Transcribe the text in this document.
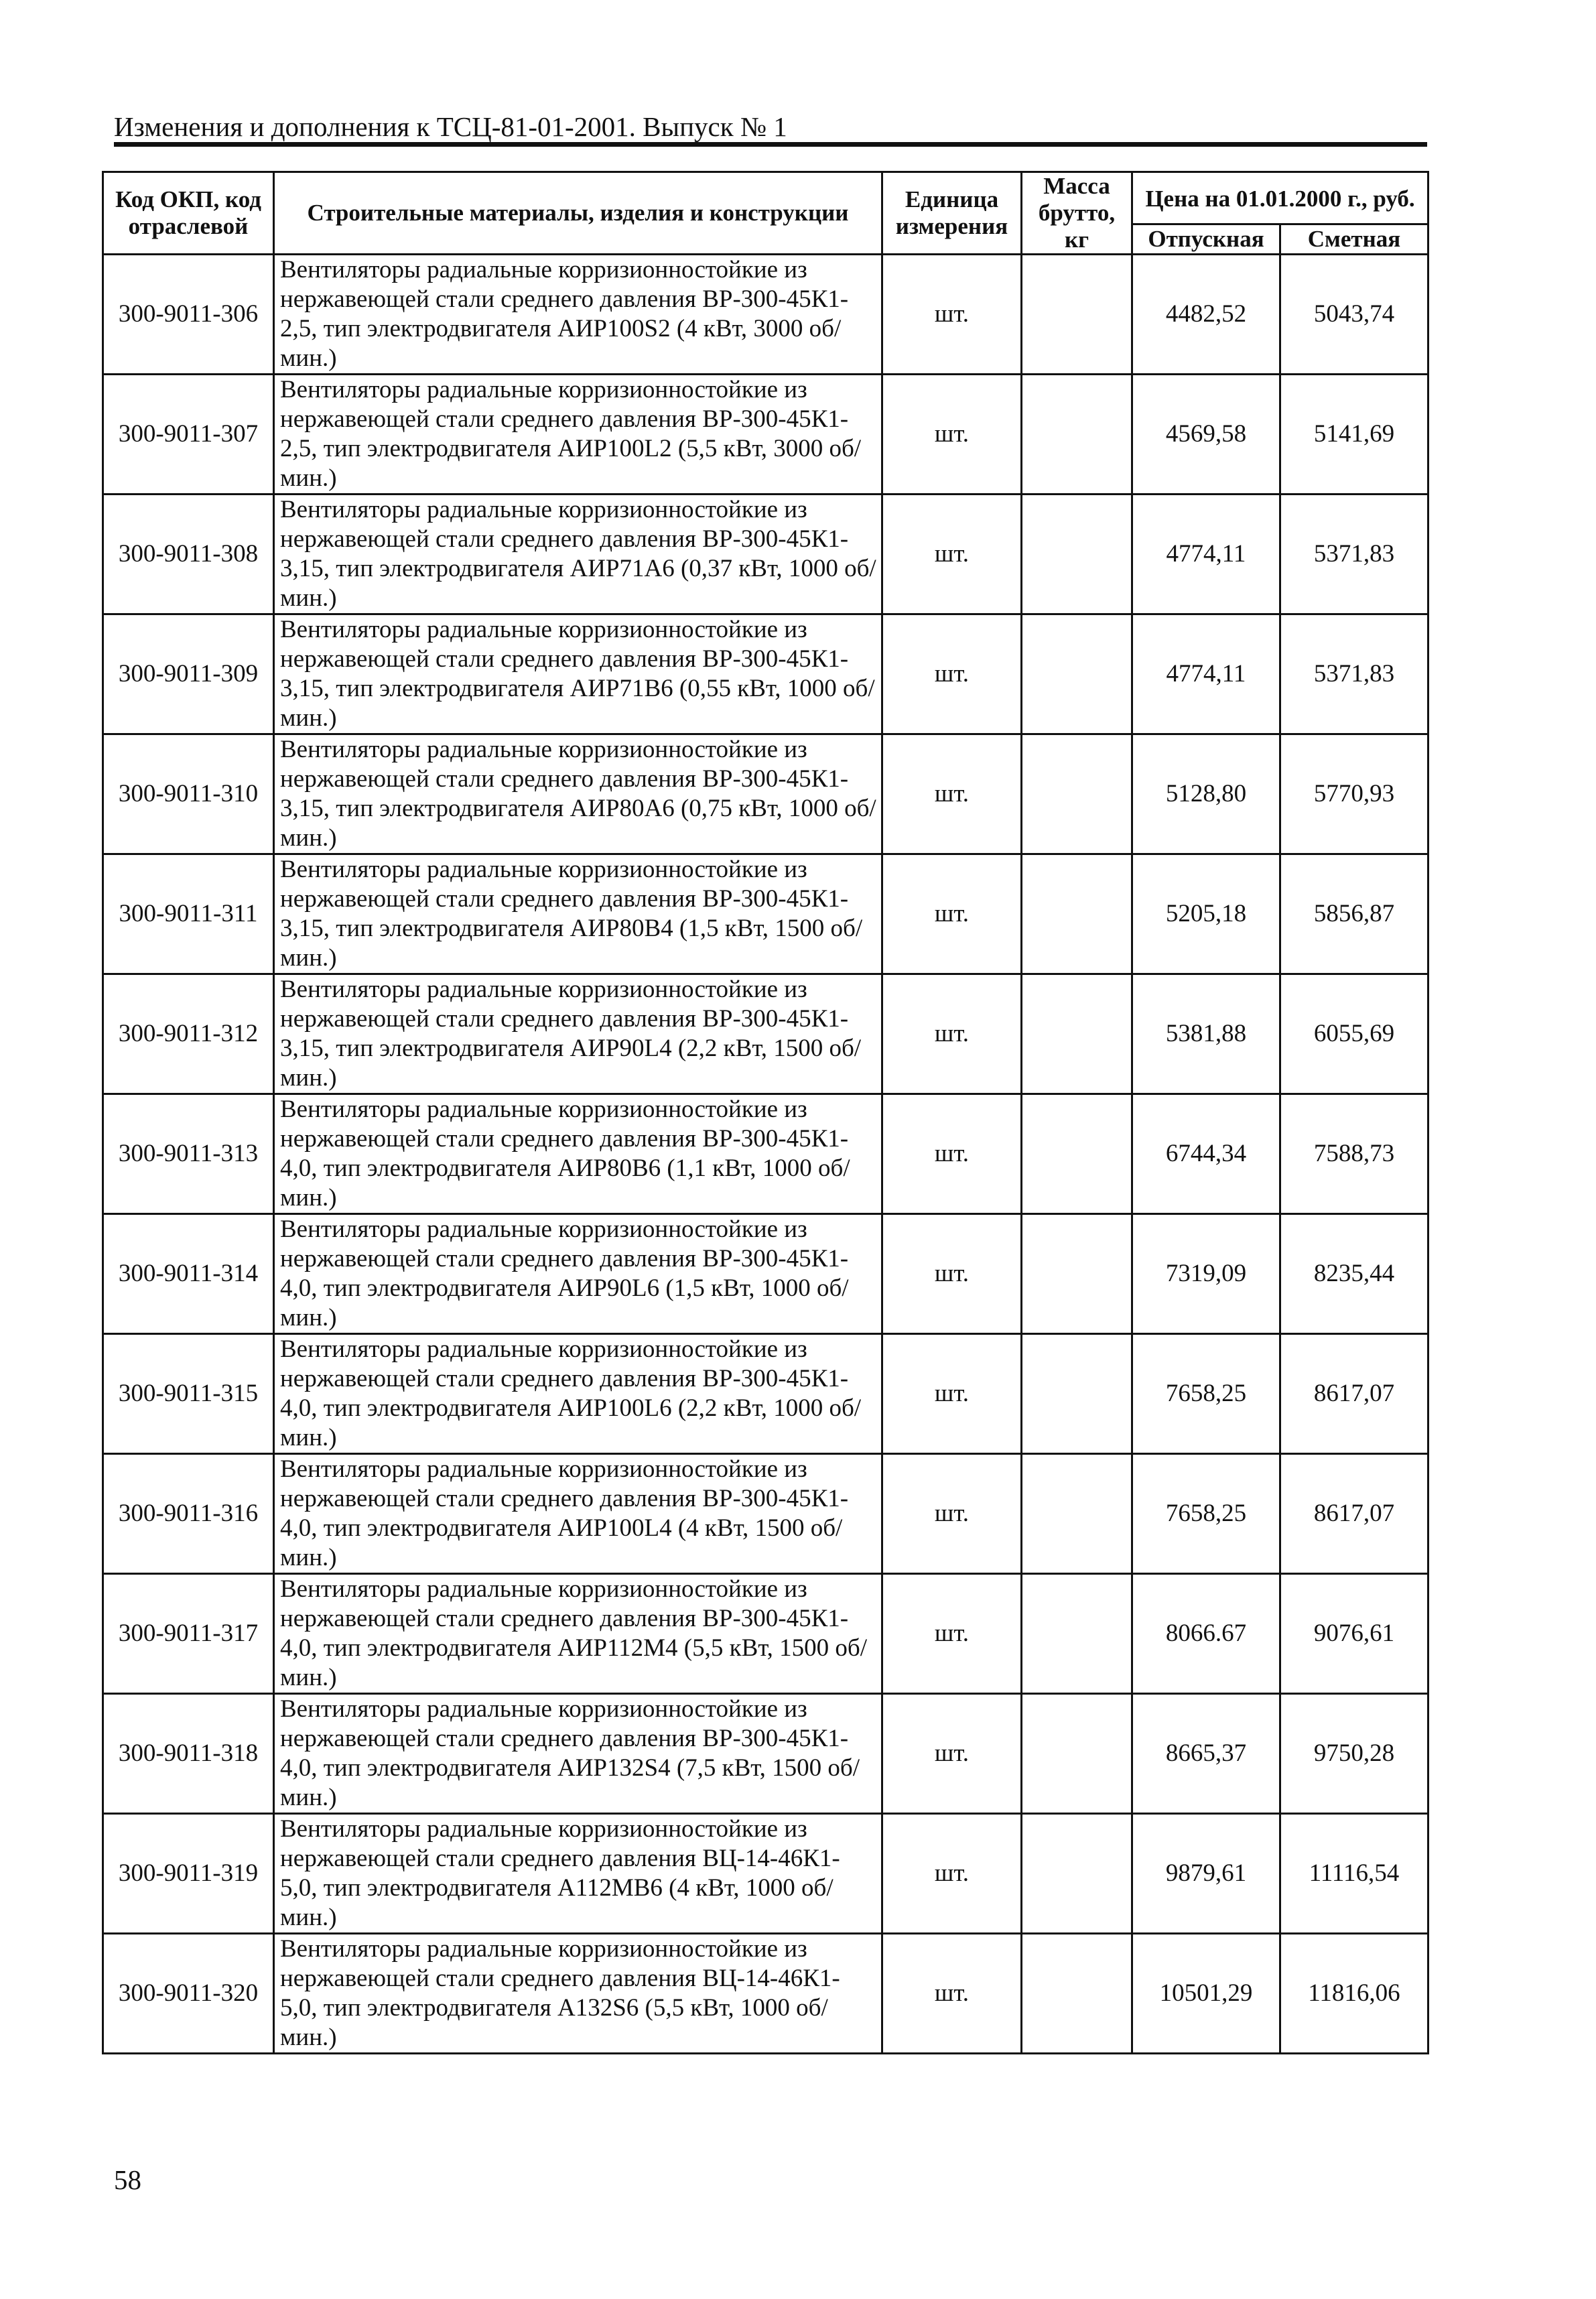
Изменения и дополнения к ТСЦ-81-01-2001. Выпуск № 1
Код ОКП, код отраслевой	Строительные материалы, изделия и конструкции	Единица измерения	Масса брутто, кг	Цена на 01.01.2000 г., руб.	
				Отпускная	Сметная
300-9011-306	Вентиляторы радиальные корризионностойкие из нержавеющей стали среднего давления ВР-300-45К1-2,5, тип электродвигателя АИР100S2 (4 кВт, 3000 об/мин.)	шт.		4482,52	5043,74
300-9011-307	Вентиляторы радиальные корризионностойкие из нержавеющей стали среднего давления ВР-300-45К1-2,5, тип электродвигателя АИР100L2 (5,5 кВт, 3000 об/мин.)	шт.		4569,58	5141,69
300-9011-308	Вентиляторы радиальные корризионностойкие из нержавеющей стали среднего давления ВР-300-45К1-3,15, тип электродвигателя АИР71А6 (0,37 кВт, 1000 об/мин.)	шт.		4774,11	5371,83
300-9011-309	Вентиляторы радиальные корризионностойкие из нержавеющей стали среднего давления ВР-300-45К1-3,15, тип электродвигателя АИР71В6 (0,55 кВт, 1000 об/мин.)	шт.		4774,11	5371,83
300-9011-310	Вентиляторы радиальные корризионностойкие из нержавеющей стали среднего давления ВР-300-45К1-3,15, тип электродвигателя АИР80А6 (0,75 кВт, 1000 об/мин.)	шт.		5128,80	5770,93
300-9011-311	Вентиляторы радиальные корризионностойкие из нержавеющей стали среднего давления ВР-300-45К1-3,15, тип электродвигателя АИР80В4 (1,5 кВт, 1500 об/мин.)	шт.		5205,18	5856,87
300-9011-312	Вентиляторы радиальные корризионностойкие из нержавеющей стали среднего давления ВР-300-45К1-3,15, тип электродвигателя АИР90L4 (2,2 кВт, 1500 об/мин.)	шт.		5381,88	6055,69
300-9011-313	Вентиляторы радиальные корризионностойкие из нержавеющей стали среднего давления ВР-300-45К1-4,0, тип электродвигателя АИР80В6 (1,1 кВт, 1000 об/мин.)	шт.		6744,34	7588,73
300-9011-314	Вентиляторы радиальные корризионностойкие из нержавеющей стали среднего давления ВР-300-45К1-4,0, тип электродвигателя АИР90L6 (1,5 кВт, 1000 об/мин.)	шт.		7319,09	8235,44
300-9011-315	Вентиляторы радиальные корризионностойкие из нержавеющей стали среднего давления ВР-300-45К1-4,0, тип электродвигателя АИР100L6 (2,2 кВт, 1000 об/мин.)	шт.		7658,25	8617,07
300-9011-316	Вентиляторы радиальные корризионностойкие из нержавеющей стали среднего давления ВР-300-45К1-4,0, тип электродвигателя АИР100L4 (4 кВт, 1500 об/мин.)	шт.		7658,25	8617,07
300-9011-317	Вентиляторы радиальные корризионностойкие из нержавеющей стали среднего давления ВР-300-45К1-4,0, тип электродвигателя АИР112М4 (5,5 кВт, 1500 об/мин.)	шт.		8066.67	9076,61
300-9011-318	Вентиляторы радиальные корризионностойкие из нержавеющей стали среднего давления ВР-300-45К1-4,0, тип электродвигателя АИР132S4 (7,5 кВт, 1500 об/мин.)	шт.		8665,37	9750,28
300-9011-319	Вентиляторы радиальные корризионностойкие из нержавеющей стали среднего давления ВЦ-14-46К1-5,0, тип электродвигателя А112МВ6 (4 кВт, 1000 об/мин.)	шт.		9879,61	11116,54
300-9011-320	Вентиляторы радиальные корризионностойкие из нержавеющей стали среднего давления ВЦ-14-46К1-5,0, тип электродвигателя А132S6 (5,5 кВт, 1000 об/мин.)	шт.		10501,29	11816,06
58
